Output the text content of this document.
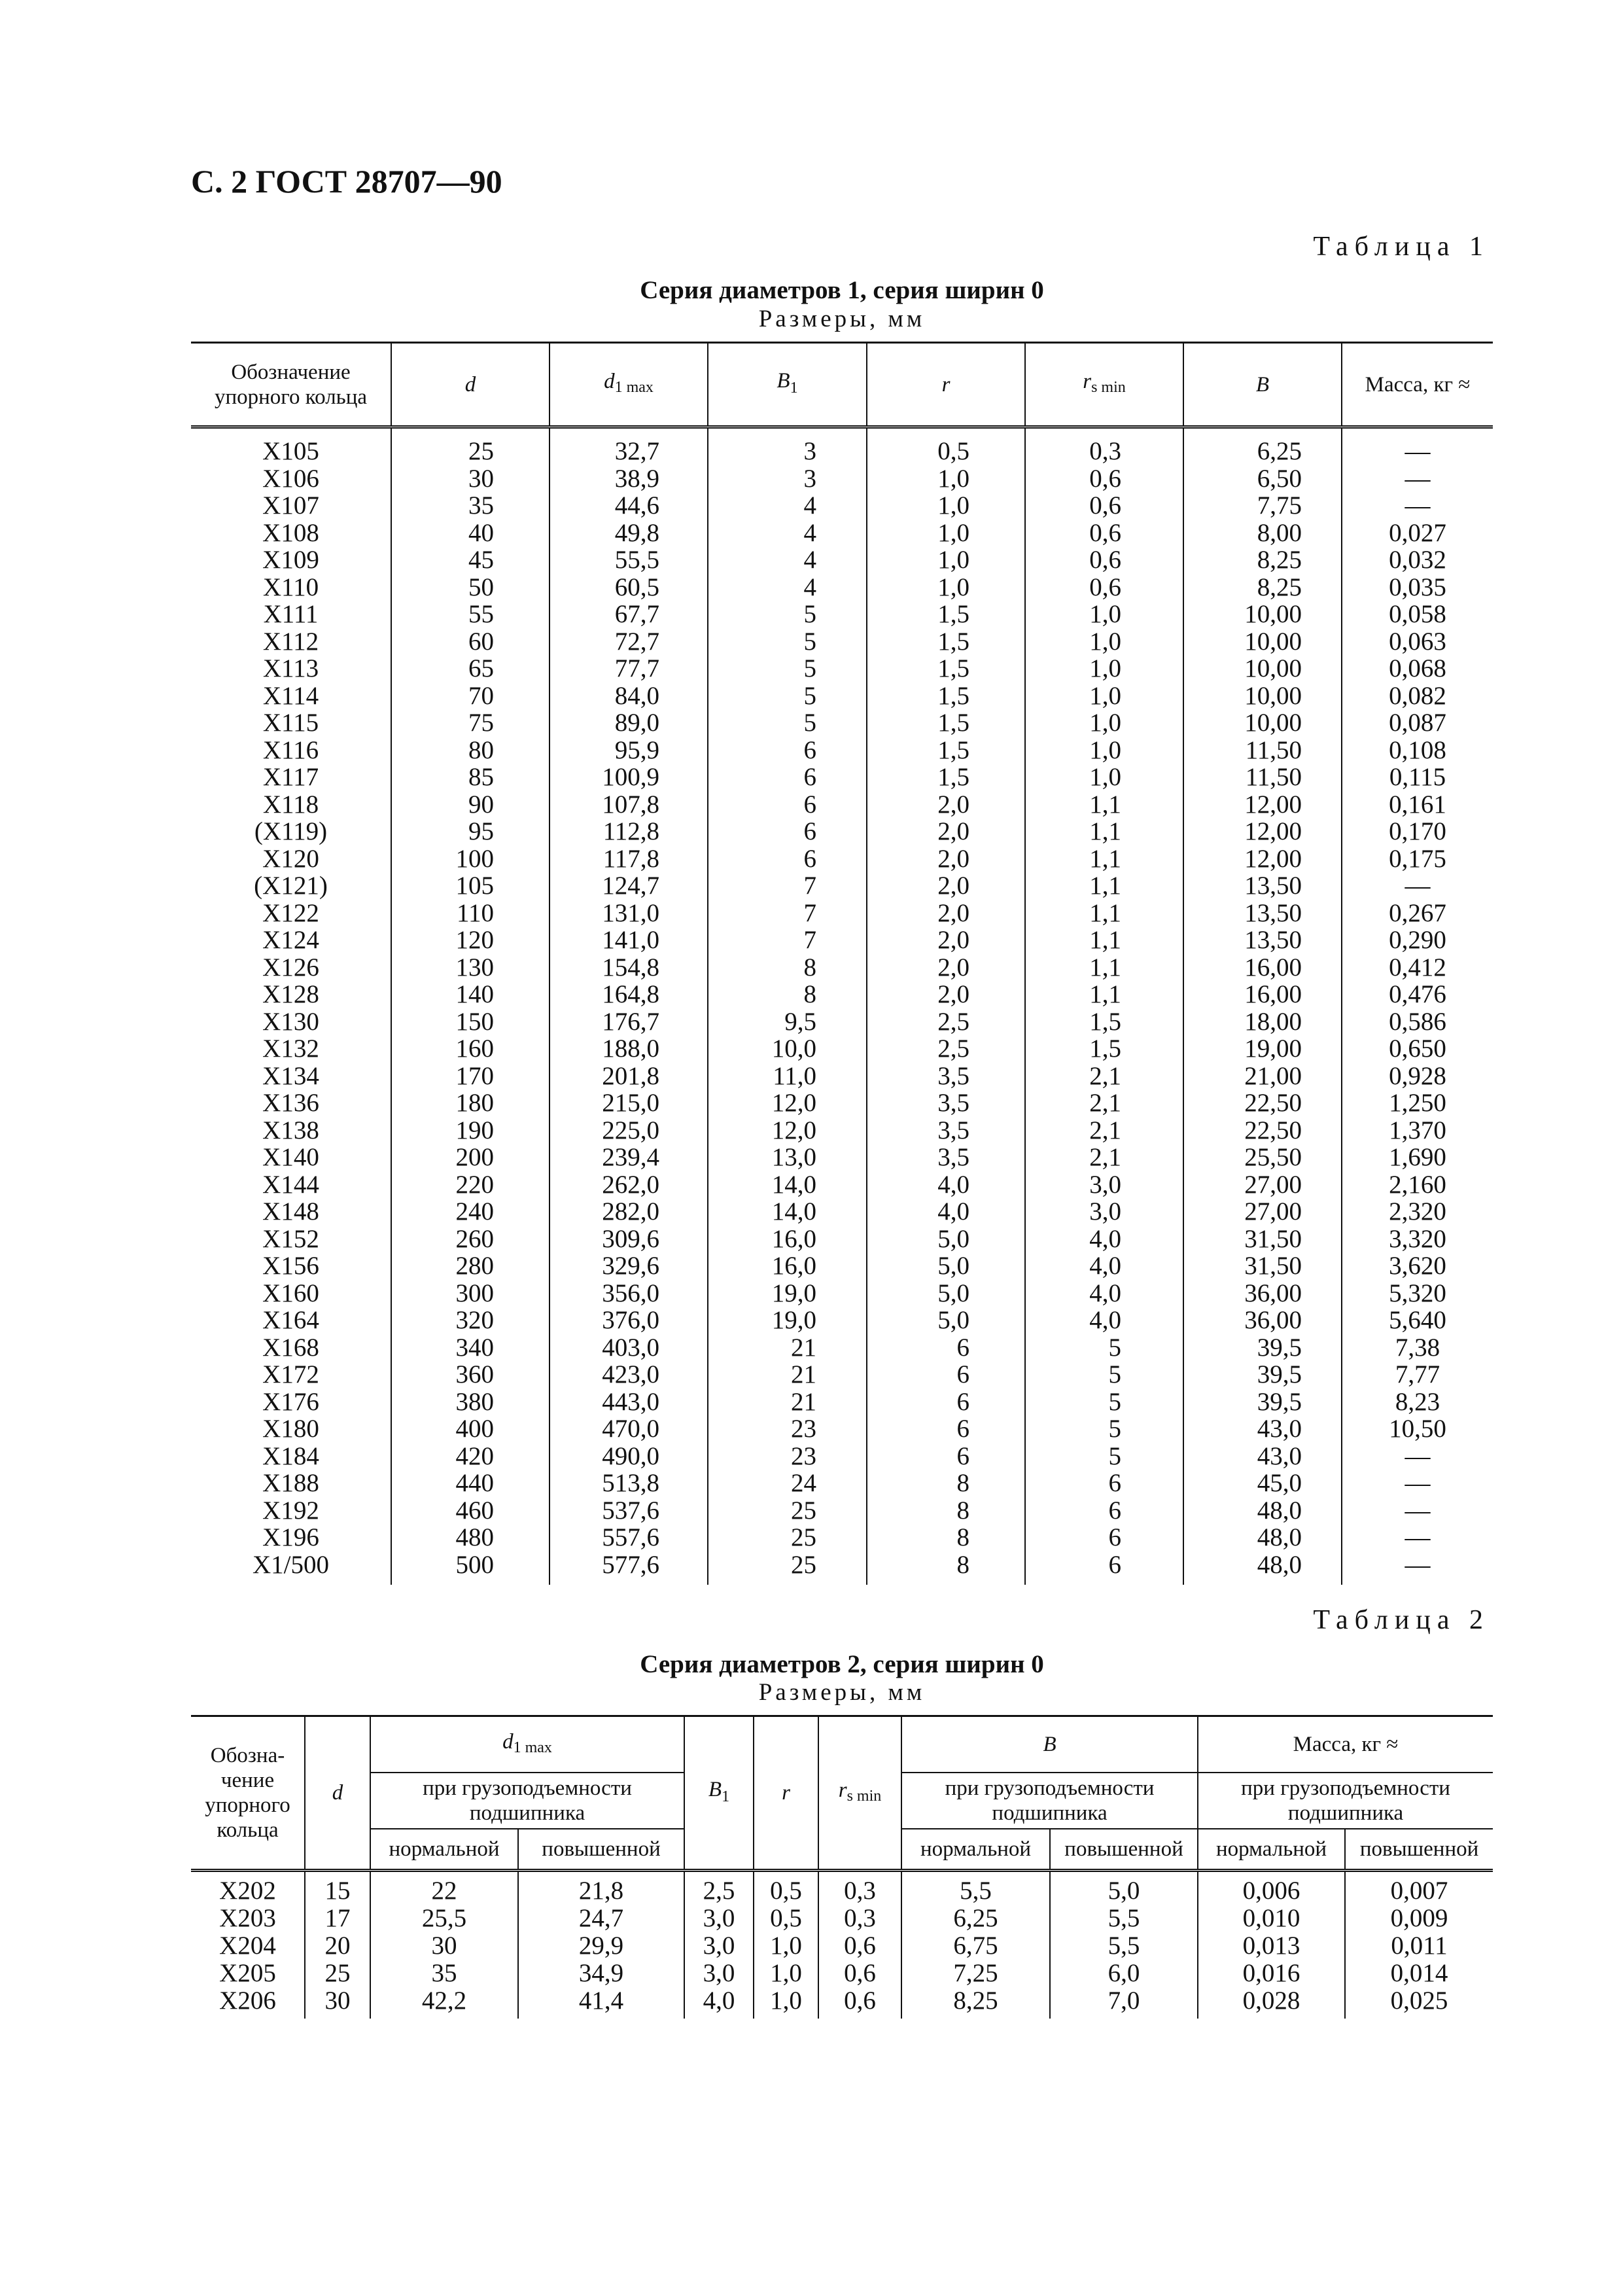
С. 2 ГОСТ 28707—90
Таблица 1
Серия диаметров 1, серия ширин 0
Размеры, мм
Обозначение упорного кольца	d	$d_{1 max}$	$B_1$	r	$r_{s min}$	B	Масса, кг ≈
X105	25	32,7	3	0,5	0,3	6,25	—
X106	30	38,9	3	1,0	0,6	6,50	—
X107	35	44,6	4	1,0	0,6	7,75	—
X108	40	49,8	4	1,0	0,6	8,00	0,027
X109	45	55,5	4	1,0	0,6	8,25	0,032
X110	50	60,5	4	1,0	0,6	8,25	0,035
X111	55	67,7	5	1,5	1,0	10,00	0,058
X112	60	72,7	5	1,5	1,0	10,00	0,063
X113	65	77,7	5	1,5	1,0	10,00	0,068
X114	70	84,0	5	1,5	1,0	10,00	0,082
X115	75	89,0	5	1,5	1,0	10,00	0,087
X116	80	95,9	6	1,5	1,0	11,50	0,108
X117	85	100,9	6	1,5	1,0	11,50	0,115
X118	90	107,8	6	2,0	1,1	12,00	0,161
(X119)	95	112,8	6	2,0	1,1	12,00	0,170
X120	100	117,8	6	2,0	1,1	12,00	0,175
(X121)	105	124,7	7	2,0	1,1	13,50	—
X122	110	131,0	7	2,0	1,1	13,50	0,267
X124	120	141,0	7	2,0	1,1	13,50	0,290
X126	130	154,8	8	2,0	1,1	16,00	0,412
X128	140	164,8	8	2,0	1,1	16,00	0,476
X130	150	176,7	9,5	2,5	1,5	18,00	0,586
X132	160	188,0	10,0	2,5	1,5	19,00	0,650
X134	170	201,8	11,0	3,5	2,1	21,00	0,928
X136	180	215,0	12,0	3,5	2,1	22,50	1,250
X138	190	225,0	12,0	3,5	2,1	22,50	1,370
X140	200	239,4	13,0	3,5	2,1	25,50	1,690
X144	220	262,0	14,0	4,0	3,0	27,00	2,160
X148	240	282,0	14,0	4,0	3,0	27,00	2,320
X152	260	309,6	16,0	5,0	4,0	31,50	3,320
X156	280	329,6	16,0	5,0	4,0	31,50	3,620
X160	300	356,0	19,0	5,0	4,0	36,00	5,320
X164	320	376,0	19,0	5,0	4,0	36,00	5,640
X168	340	403,0	21	6	5	39,5	7,38
X172	360	423,0	21	6	5	39,5	7,77
X176	380	443,0	21	6	5	39,5	8,23
X180	400	470,0	23	6	5	43,0	10,50
X184	420	490,0	23	6	5	43,0	—
X188	440	513,8	24	8	6	45,0	—
X192	460	537,6	25	8	6	48,0	—
X196	480	557,6	25	8	6	48,0	—
X1/500	500	577,6	25	8	6	48,0	—
Таблица 2
Серия диаметров 2, серия ширин 0
Размеры, мм
Обозна-чение упорного кольца	d	$d_{1 max}$		$B_1$	r	$r_{s min}$	B		Масса, кг ≈	
		при грузоподъемности подшипника					при грузоподъемности подшипника		при грузоподъемности подшипника	
		нормальной	повышенной				нормальной	повышенной	нормальной	повышенной
X202	15	22	21,8	2,5	0,5	0,3	5,5	5,0	0,006	0,007
X203	17	25,5	24,7	3,0	0,5	0,3	6,25	5,5	0,010	0,009
X204	20	30	29,9	3,0	1,0	0,6	6,75	5,5	0,013	0,011
X205	25	35	34,9	3,0	1,0	0,6	7,25	6,0	0,016	0,014
X206	30	42,2	41,4	4,0	1,0	0,6	8,25	7,0	0,028	0,025
